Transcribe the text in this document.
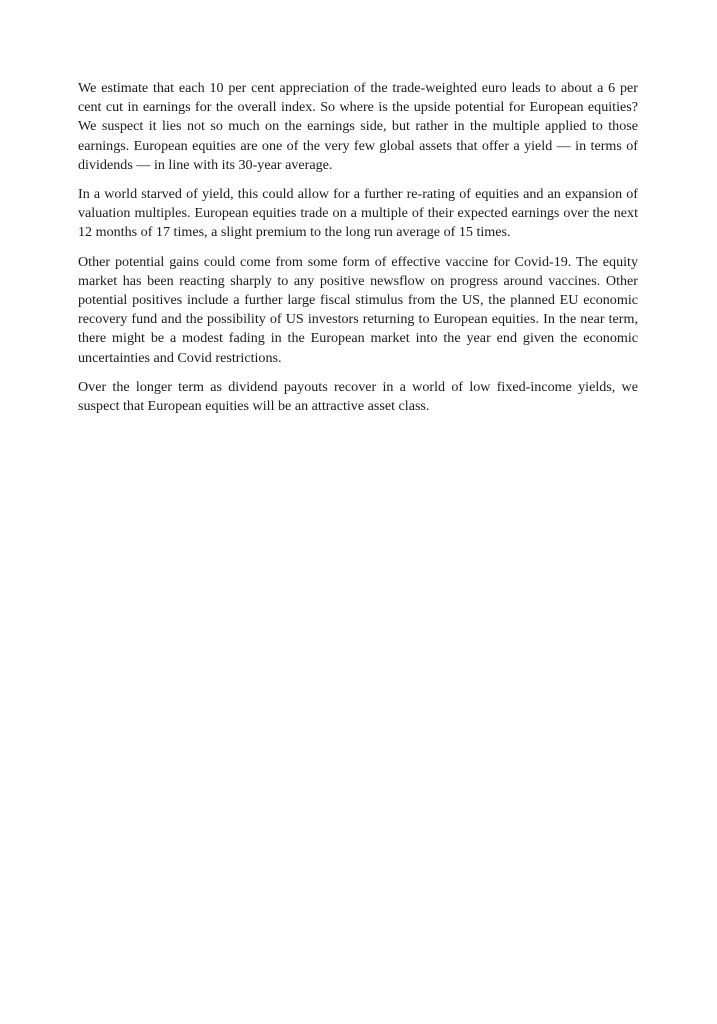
We estimate that each 10 per cent appreciation of the trade-weighted euro leads to about a 6 per cent cut in earnings for the overall index. So where is the upside potential for European equities? We suspect it lies not so much on the earnings side, but rather in the multiple applied to those earnings. European equities are one of the very few global assets that offer a yield — in terms of dividends — in line with its 30-year average.

In a world starved of yield, this could allow for a further re-rating of equities and an expansion of valuation multiples. European equities trade on a multiple of their expected earnings over the next 12 months of 17 times, a slight premium to the long run average of 15 times.

Other potential gains could come from some form of effective vaccine for Covid-19. The equity market has been reacting sharply to any positive newsflow on progress around vaccines. Other potential positives include a further large fiscal stimulus from the US, the planned EU economic recovery fund and the possibility of US investors returning to European equities. In the near term, there might be a modest fading in the European market into the year end given the economic uncertainties and Covid restrictions.

Over the longer term as dividend payouts recover in a world of low fixed-income yields, we suspect that European equities will be an attractive asset class.
